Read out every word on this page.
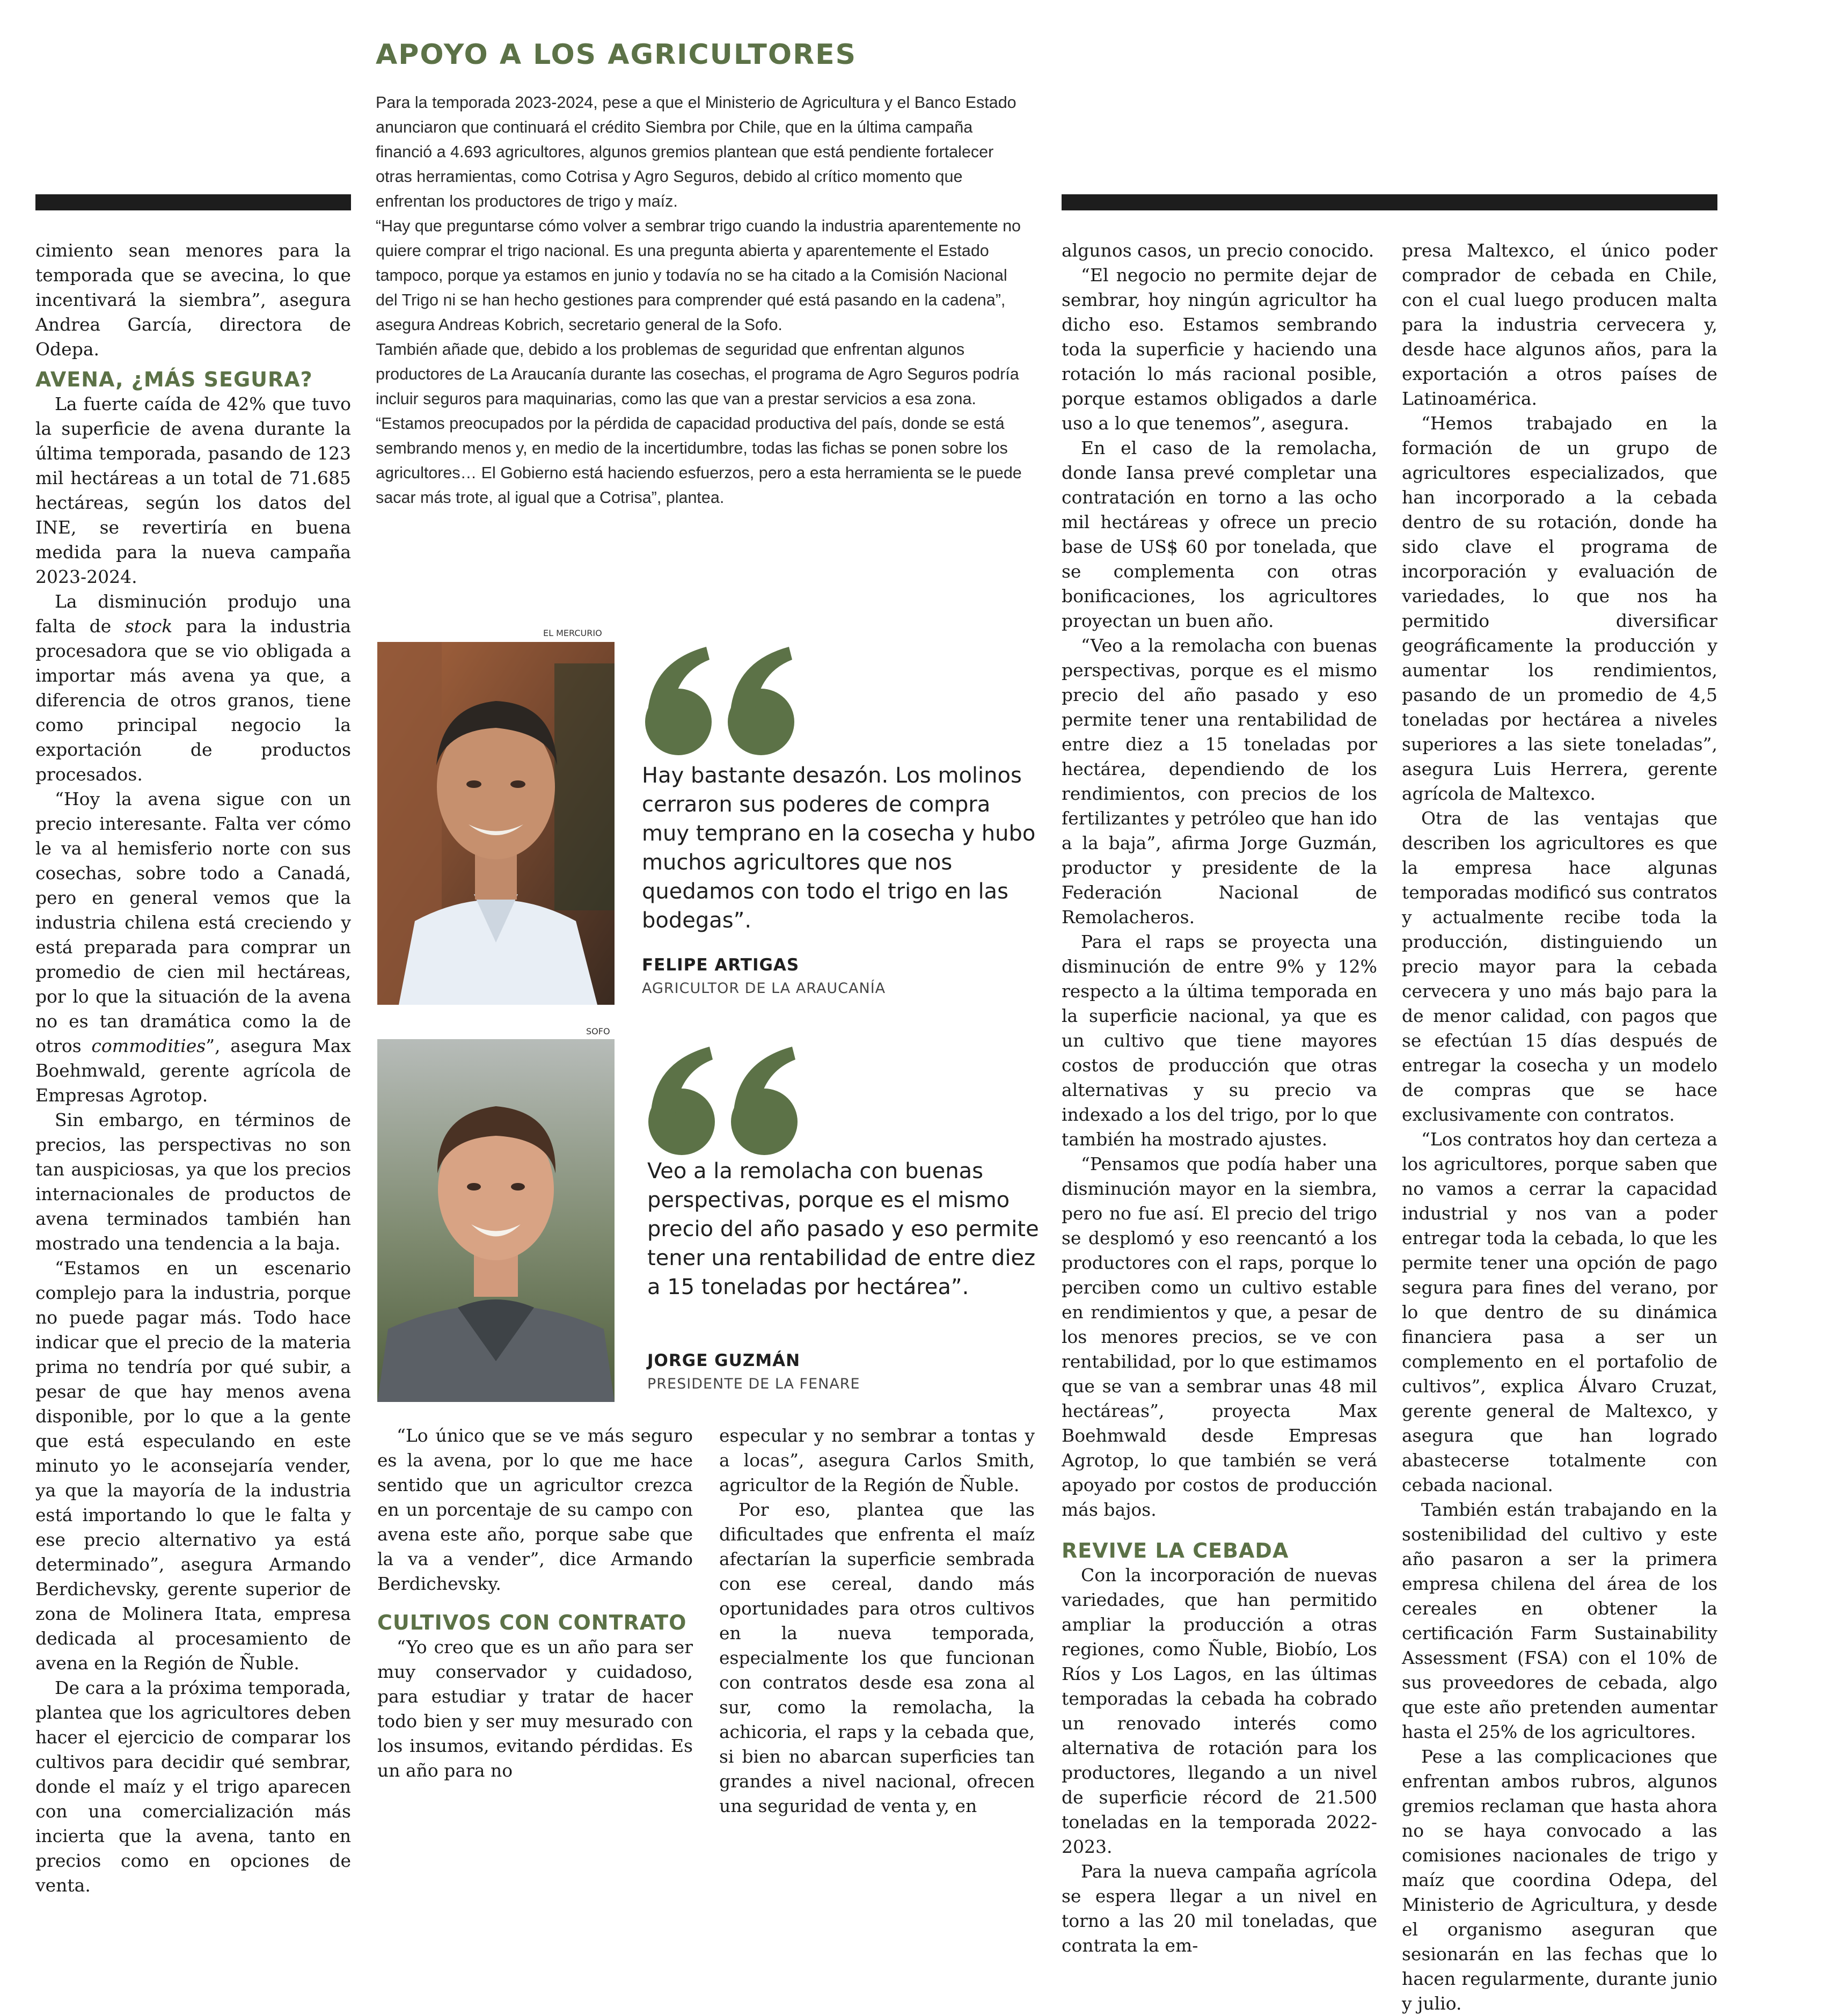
APOYO A LOS AGRICULTORES

Para la temporada 2023-2024, pese a que el Ministerio de Agricultura y el Banco Estado anunciaron que continuará el crédito Siembra por Chile, que en la última campaña financió a 4.693 agricultores, algunos gremios plantean que está pendiente fortalecer otras herramientas, como Cotrisa y Agro Seguros, debido al crítico momento que enfrentan los productores de trigo y maíz.

“Hay que preguntarse cómo volver a sembrar trigo cuando la industria aparentemente no quiere comprar el trigo nacional. Es una pregunta abierta y aparentemente el Estado tampoco, porque ya estamos en junio y todavía no se ha citado a la Comisión Nacional del Trigo ni se han hecho gestiones para comprender qué está pasando en la cadena”, asegura Andreas Kobrich, secretario general de la Sofo.

También añade que, debido a los problemas de seguridad que enfrentan algunos productores de La Araucanía durante las cosechas, el programa de Agro Seguros podría incluir seguros para maquinarias, como las que van a prestar servicios a esa zona.

“Estamos preocupados por la pérdida de capacidad productiva del país, donde se está sembrando menos y, en medio de la incertidumbre, todas las fichas se ponen sobre los agricultores… El Gobierno está haciendo esfuerzos, pero a esta herramienta se le puede sacar más trote, al igual que a Cotrisa”, plantea.

EL MERCURIO
Hay bastante desazón. Los molinos cerraron sus poderes de compra muy temprano en la cosecha y hubo muchos agricultores que nos quedamos con todo el trigo en las bodegas”.
FELIPE ARTIGAS
AGRICULTOR DE LA ARAUCANÍA
SOFO
Veo a la remolacha con buenas perspectivas, porque es el mismo precio del año pasado y eso permite tener una rentabilidad de entre diez a 15 toneladas por hectárea”.
JORGE GUZMÁN
PRESIDENTE DE LA FENARE

cimiento sean menores para la temporada que se avecina, lo que incentivará la siembra”, asegura Andrea García, directora de Odepa.

AVENA, ¿MÁS SEGURA?

La fuerte caída de 42% que tuvo la superficie de avena durante la última temporada, pasando de 123 mil hectáreas a un total de 71.685 hectáreas, según los datos del INE, se revertiría en buena medida para la nueva campaña 2023-2024.

La disminución produjo una falta de stock para la industria procesadora que se vio obligada a importar más avena ya que, a diferencia de otros granos, tiene como principal negocio la exportación de productos procesados.

“Hoy la avena sigue con un precio interesante. Falta ver cómo le va al hemisferio norte con sus cosechas, sobre todo a Canadá, pero en general vemos que la industria chilena está creciendo y está preparada para comprar un promedio de cien mil hectáreas, por lo que la situación de la avena no es tan dramática como la de otros commodities”, asegura Max Boehmwald, gerente agrícola de Empresas Agrotop.

Sin embargo, en términos de precios, las perspectivas no son tan auspiciosas, ya que los precios internacionales de productos de avena terminados también han mostrado una tendencia a la baja.

“Estamos en un escenario complejo para la industria, porque no puede pagar más. Todo hace indicar que el precio de la materia prima no tendría por qué subir, a pesar de que hay menos avena disponible, por lo que a la gente que está especulando en este minuto yo le aconsejaría vender, ya que la mayoría de la industria está importando lo que le falta y ese precio alternativo ya está determinado”, asegura Armando Berdichevsky, gerente superior de zona de Molinera Itata, empresa dedicada al procesamiento de avena en la Región de Ñuble.

De cara a la próxima temporada, plantea que los agricultores deben hacer el ejercicio de comparar los cultivos para decidir qué sembrar, donde el maíz y el trigo aparecen con una comercialización más incierta que la avena, tanto en precios como en opciones de venta.

“Lo único que se ve más seguro es la avena, por lo que me hace sentido que un agricultor crezca en un porcentaje de su campo con avena este año, porque sabe que la va a vender”, dice Armando Berdichevsky.

CULTIVOS CON CONTRATO

“Yo creo que es un año para ser muy conservador y cuidadoso, para estudiar y tratar de hacer todo bien y ser muy mesurado con los insumos, evitando pérdidas. Es un año para no

especular y no sembrar a tontas y a locas”, asegura Carlos Smith, agricultor de la Región de Ñuble.

Por eso, plantea que las dificultades que enfrenta el maíz afectarían la superficie sembrada con ese cereal, dando más oportunidades para otros cultivos en la nueva temporada, especialmente los que funcionan con contratos desde esa zona al sur, como la remolacha, la achicoria, el raps y la cebada que, si bien no abarcan superficies tan grandes a nivel nacional, ofrecen una seguridad de venta y, en

algunos casos, un precio conocido.

“El negocio no permite dejar de sembrar, hoy ningún agricultor ha dicho eso. Estamos sembrando toda la superficie y haciendo una rotación lo más racional posible, porque estamos obligados a darle uso a lo que tenemos”, asegura.

En el caso de la remolacha, donde Iansa prevé completar una contratación en torno a las ocho mil hectáreas y ofrece un precio base de US$ 60 por tonelada, que se complementa con otras bonificaciones, los agricultores proyectan un buen año.

“Veo a la remolacha con buenas perspectivas, porque es el mismo precio del año pasado y eso permite tener una rentabilidad de entre diez a 15 toneladas por hectárea, dependiendo de los rendimientos, con precios de los fertilizantes y petróleo que han ido a la baja”, afirma Jorge Guzmán, productor y presidente de la Federación Nacional de Remolacheros.

Para el raps se proyecta una disminución de entre 9% y 12% respecto a la última temporada en la superficie nacional, ya que es un cultivo que tiene mayores costos de producción que otras alternativas y su precio va indexado a los del trigo, por lo que también ha mostrado ajustes.

“Pensamos que podía haber una disminución mayor en la siembra, pero no fue así. El precio del trigo se desplomó y eso reencantó a los productores con el raps, porque lo perciben como un cultivo estable en rendimientos y que, a pesar de los menores precios, se ve con rentabilidad, por lo que estimamos que se van a sembrar unas 48 mil hectáreas”, proyecta Max Boehmwald desde Empresas Agrotop, lo que también se verá apoyado por costos de producción más bajos.

REVIVE LA CEBADA

Con la incorporación de nuevas variedades, que han permitido ampliar la producción a otras regiones, como Ñuble, Biobío, Los Ríos y Los Lagos, en las últimas temporadas la cebada ha cobrado un renovado interés como alternativa de rotación para los productores, llegando a un nivel de superficie récord de 21.500 toneladas en la temporada 2022-2023.

Para la nueva campaña agrícola se espera llegar a un nivel en torno a las 20 mil toneladas, que contrata la em-

presa Maltexco, el único poder comprador de cebada en Chile, con el cual luego producen malta para la industria cervecera y, desde hace algunos años, para la exportación a otros países de Latinoamérica.

“Hemos trabajado en la formación de un grupo de agricultores especializados, que han incorporado a la cebada dentro de su rotación, donde ha sido clave el programa de incorporación y evaluación de variedades, lo que nos ha permitido diversificar geográficamente la producción y aumentar los rendimientos, pasando de un promedio de 4,5 toneladas por hectárea a niveles superiores a las siete toneladas”, asegura Luis Herrera, gerente agrícola de Maltexco.

Otra de las ventajas que describen los agricultores es que la empresa hace algunas temporadas modificó sus contratos y actualmente recibe toda la producción, distinguiendo un precio mayor para la cebada cervecera y uno más bajo para la de menor calidad, con pagos que se efectúan 15 días después de entregar la cosecha y un modelo de compras que se hace exclusivamente con contratos.

“Los contratos hoy dan certeza a los agricultores, porque saben que no vamos a cerrar la capacidad industrial y nos van a poder entregar toda la cebada, lo que les permite tener una opción de pago segura para fines del verano, por lo que dentro de su dinámica financiera pasa a ser un complemento en el portafolio de cultivos”, explica Álvaro Cruzat, gerente general de Maltexco, y asegura que han logrado abastecerse totalmente con cebada nacional.

También están trabajando en la sostenibilidad del cultivo y este año pasaron a ser la primera empresa chilena del área de los cereales en obtener la certificación Farm Sustainability Assessment (FSA) con el 10% de sus proveedores de cebada, algo que este año pretenden aumentar hasta el 25% de los agricultores.

Pese a las complicaciones que enfrentan ambos rubros, algunos gremios reclaman que hasta ahora no se haya convocado a las comisiones nacionales de trigo y maíz que coordina Odepa, del Ministerio de Agricultura, y desde el organismo aseguran que sesionarán en las fechas que lo hacen regularmente, durante junio y julio.
